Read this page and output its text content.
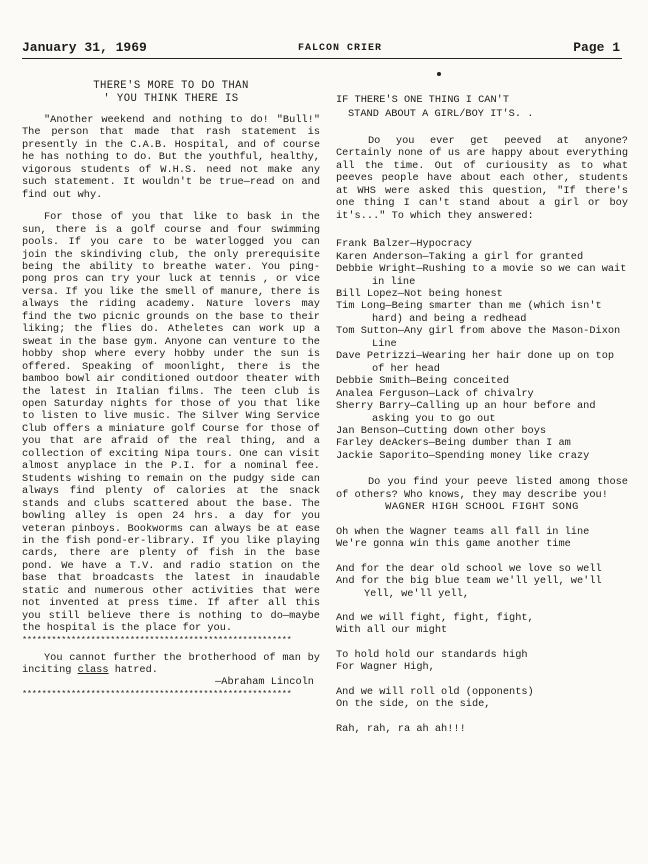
January 31, 1969	FALCON CRIER	Page 1

THERE'S MORE TO DO THAN

' YOU THINK THERE IS

"Another weekend and nothing to do! "Bull!" The person that made that rash statement is presently in the C.A.B. Hospital, and of course he has nothing to do. But the youthful, healthy, vigorous students of W.H.S. need not make any such statement. It wouldn't be true—read on and find out why.

For those of you that like to bask in the sun, there is a golf course and four swimming pools. If you care to be waterlogged you can join the skindiving club, the only prerequisite being the ability to breathe water. You ping-pong pros can try your luck at tennis , or vice versa. If you like the smell of manure, there is always the riding academy. Nature lovers may find the two picnic grounds on the base to their liking; the flies do. Atheletes can work up a sweat in the base gym. Anyone can venture to the hobby shop where every hobby under the sun is offered. Speaking of moonlight, there is the bamboo bowl air conditioned outdoor theater with the latest in Italian films. The teen club is open Saturday nights for those of you that like to listen to live music. The Silver Wing Service Club offers a miniature golf Course for those of you that are afraid of the real thing, and a collection of exciting Nipa tours. One can visit almost anyplace in the P.I. for a nominal fee. Students wishing to remain on the pudgy side can always find plenty of calories at the snack stands and clubs scattered about the base. The bowling alley is open 24 hrs. a day for you veteran pinboys. Bookworms can always be at ease in the fish pond-er-library. If you like playing cards, there are plenty of fish in the base pond. We have a T.V. and radio station on the base that broadcasts the latest in inaudable static and numerous other activities that were not invented at press time. If after all this you still believe there is nothing to do—maybe the hospital is the place for you.

*******************************************************

You cannot further the brotherhood of man by inciting class hatred.

—Abraham Lincoln

*******************************************************

IF THERE'S ONE THING I CAN'T

STAND ABOUT A GIRL/BOY IT'S. .

Do you ever get peeved at anyone? Certainly none of us are happy about everything all the time. Out of curiousity as to what peeves people have about each other, students at WHS were asked this question, "If there's one thing I can't stand about a girl or boy it's..." To which they answered:

Frank Balzer—Hypocracy

Karen Anderson—Taking a girl for granted

Debbie Wright—Rushing to a movie so we can wait in line

Bill Lopez—Not being honest

Tim Long—Being smarter than me (which isn't hard) and being a redhead

Tom Sutton—Any girl from above the Mason-Dixon Line

Dave Petrizzi—Wearing her hair done up on top of her head

Debbie Smith—Being conceited

Analea Ferguson—Lack of chivalry

Sherry Barry—Calling up an hour before and asking you to go out

Jan Benson—Cutting down other boys

Farley deAckers—Being dumber than I am

Jackie Saporito—Spending money like crazy

Do you find your peeve listed among those of others? Who knows, they may describe you!

WAGNER HIGH SCHOOL FIGHT SONG

Oh when the Wagner teams all fall in line

We're gonna win this game another time

And for the dear old school we love so well

And for the big blue team we'll yell, we'll

Yell, we'll yell,

And we will fight, fight, fight,

With all our might

To hold hold our standards high

For Wagner High,

And we will roll old (opponents)

On the side, on the side,

Rah, rah, ra ah ah!!!
